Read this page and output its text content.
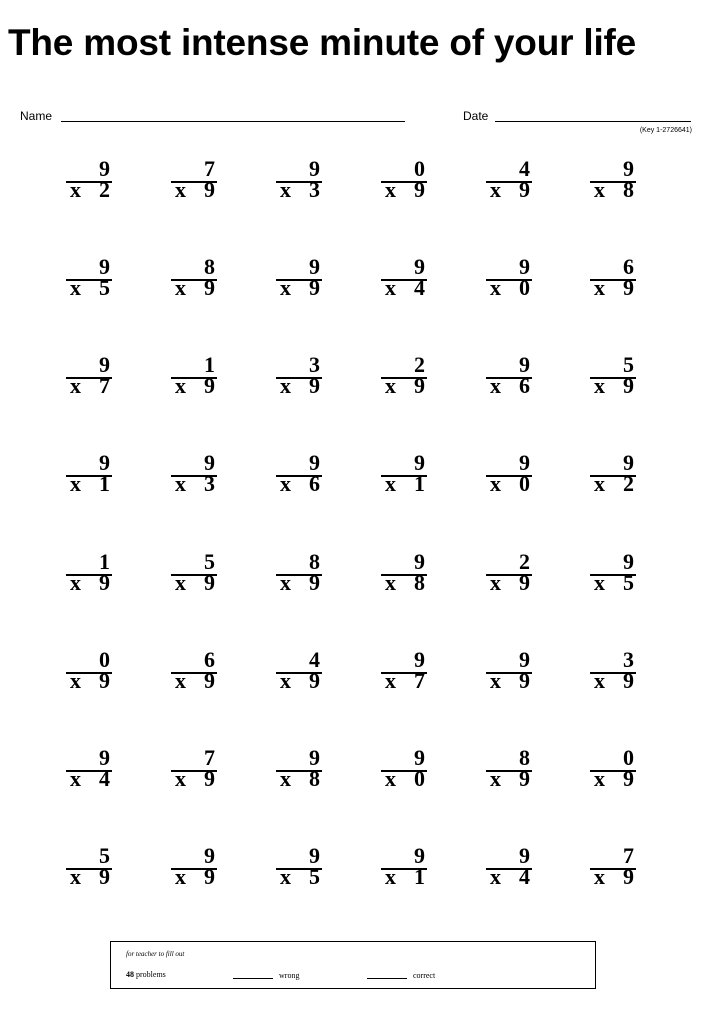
The most intense minute of your life
Name	Date
(Key 1-2726641)
9
x 2
7
x 9
9
x 3
0
x 9
4
x 9
9
x 8
9
x 5
8
x 9
9
x 9
9
x 4
9
x 0
6
x 9
9
x 7
1
x 9
3
x 9
2
x 9
9
x 6
5
x 9
9
x 1
9
x 3
9
x 6
9
x 1
9
x 0
9
x 2
1
x 9
5
x 9
8
x 9
9
x 8
2
x 9
9
x 5
0
x 9
6
x 9
4
x 9
9
x 7
9
x 9
3
x 9
9
x 4
7
x 9
9
x 8
9
x 0
8
x 9
0
x 9
5
x 9
9
x 9
9
x 5
9
x 1
9
x 4
7
x 9
for teacher to fill out
48 problems	wrong	correct
